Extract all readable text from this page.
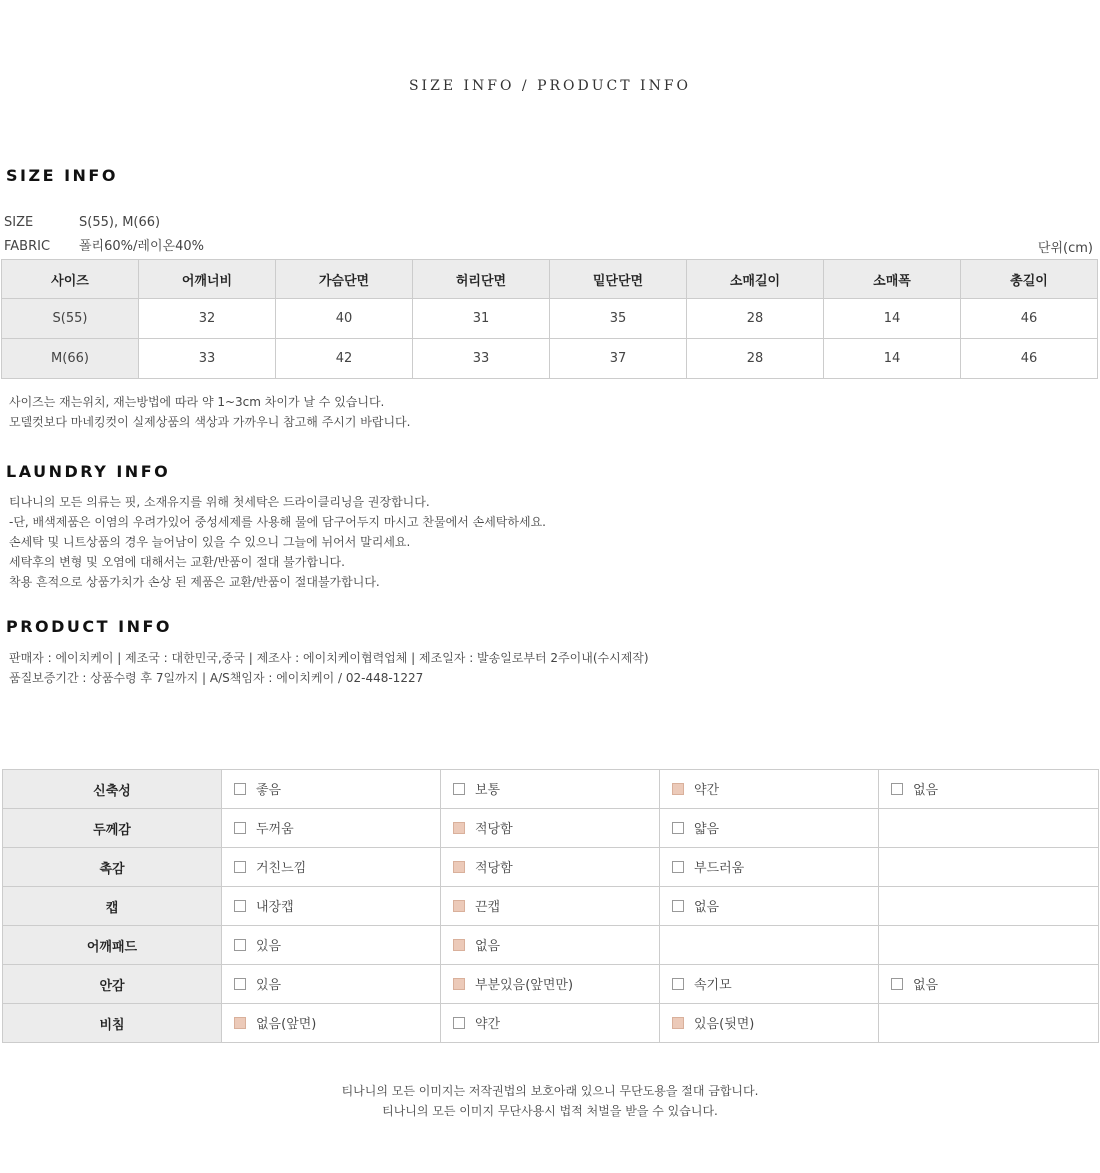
SIZE INFO / PRODUCT INFO
SIZE INFO
SIZE	S(55), M(66)
FABRIC 폴리60%/레이온40%	단위(cm)
사이즈	어깨너비	가슴단면	허리단면	밑단단면	소매길이	소매폭	총길이
S(55)	32	40	31	35	28	14	46
M(66)	33	42	33	37	28	14	46
사이즈는 재는위치, 재는방법에 따라 약 1~3cm 차이가 날 수 있습니다.
모델컷보다 마네킹컷이 실제상품의 색상과 가까우니 참고해 주시기 바랍니다.
LAUNDRY INFO
티나니의 모든 의류는 핏, 소재유지를 위해 첫세탁은 드라이클리닝을 권장합니다.
-단, 배색제품은 이염의 우려가있어 중성세제를 사용해 물에 담구어두지 마시고 찬물에서 손세탁하세요.
손세탁 및 니트상품의 경우 늘어남이 있을 수 있으니 그늘에 뉘어서 말리세요.
세탁후의 변형 및 오염에 대해서는 교환/반품이 절대 불가합니다.
착용 흔적으로 상품가치가 손상 된 제품은 교환/반품이 절대불가합니다.
PRODUCT INFO
판매자 : 에이치케이 | 제조국 : 대한민국,중국 | 제조사 : 에이치케이협력업체 | 제조일자 : 발송일로부터 2주이내(수시제작)
품질보증기간 : 상품수령 후 7일까지 | A/S책임자 : 에이치케이 / 02-448-1227
신축성	좋음	보통	약간	없음

두께감	두꺼움	적당함	얇음	

촉감	거친느낌	적당함	부드러움	

캡	내장캡	끈캡	없음	

어깨패드	있음	없음		

안감	있음	부분있음(앞면만)	속기모	없음

비침	없음(앞면)	약간	있음(뒷면)	

티나니의 모든 이미지는 저작권법의 보호아래 있으니 무단도용을 절대 금합니다.
티나니의 모든 이미지 무단사용시 법적 처벌을 받을 수 있습니다.
